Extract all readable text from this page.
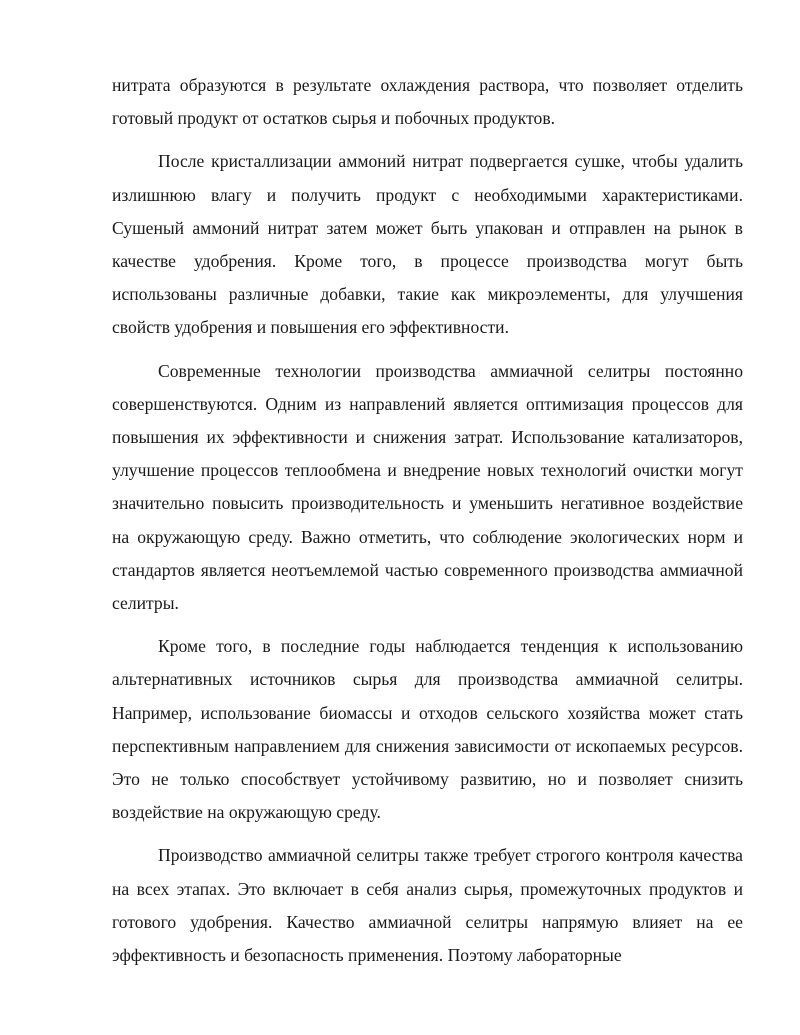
нитрата образуются в результате охлаждения раствора, что позволяет отделить готовый продукт от остатков сырья и побочных продуктов.

После кристаллизации аммоний нитрат подвергается сушке, чтобы удалить излишнюю влагу и получить продукт с необходимыми характеристиками. Сушеный аммоний нитрат затем может быть упакован и отправлен на рынок в качестве удобрения. Кроме того, в процессе производства могут быть использованы различные добавки, такие как микроэлементы, для улучшения свойств удобрения и повышения его эффективности.

Современные технологии производства аммиачной селитры постоянно совершенствуются. Одним из направлений является оптимизация процессов для повышения их эффективности и снижения затрат. Использование катализаторов, улучшение процессов теплообмена и внедрение новых технологий очистки могут значительно повысить производительность и уменьшить негативное воздействие на окружающую среду. Важно отметить, что соблюдение экологических норм и стандартов является неотъемлемой частью современного производства аммиачной селитры.

Кроме того, в последние годы наблюдается тенденция к использованию альтернативных источников сырья для производства аммиачной селитры. Например, использование биомассы и отходов сельского хозяйства может стать перспективным направлением для снижения зависимости от ископаемых ресурсов. Это не только способствует устойчивому развитию, но и позволяет снизить воздействие на окружающую среду.

Производство аммиачной селитры также требует строгого контроля качества на всех этапах. Это включает в себя анализ сырья, промежуточных продуктов и готового удобрения. Качество аммиачной селитры напрямую влияет на ее эффективность и безопасность применения. Поэтому лабораторные
